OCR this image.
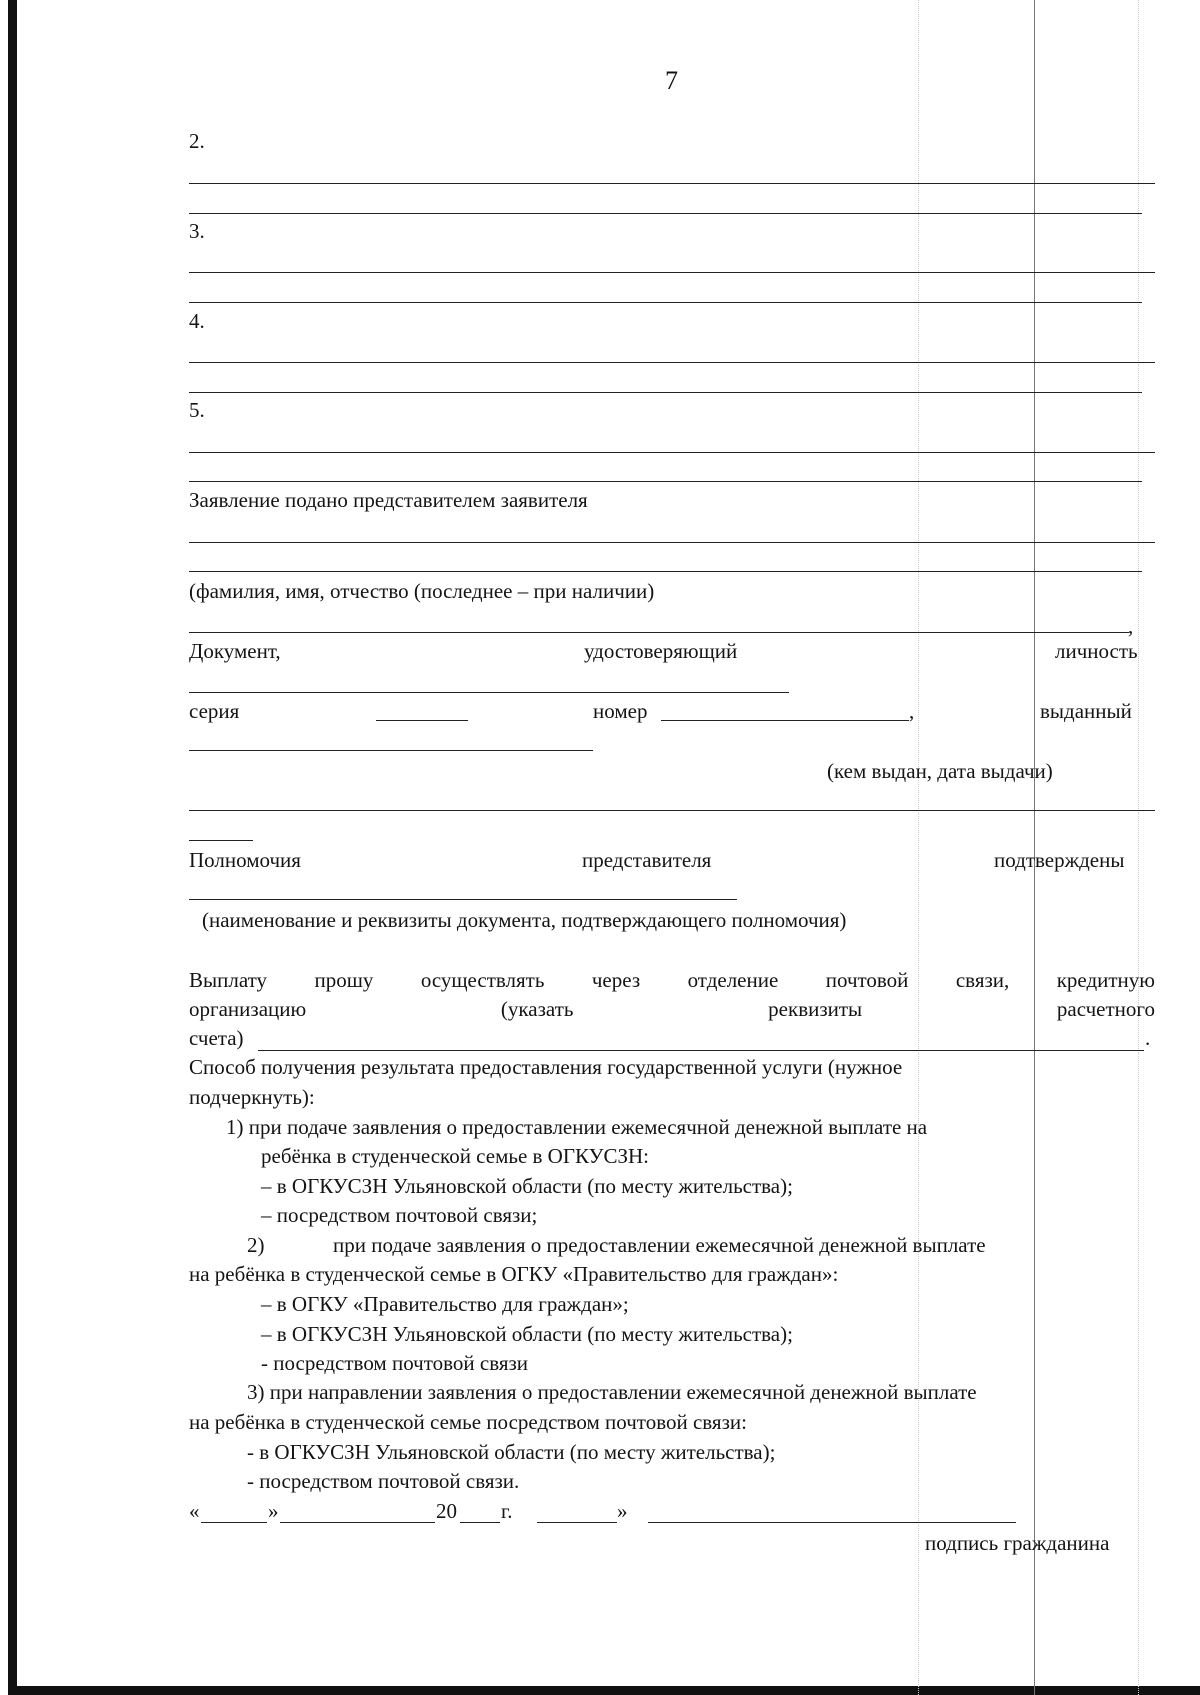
7
2.
3.
4.
5.
Заявление подано представителем заявителя
(фамилия, имя, отчество (последнее – при наличии)
,
Документ,	удостоверяющий	личность
серия	номер	,	выданный
(кем выдан, дата выдачи)
Полномочия	представителя	подтверждены
(наименование и реквизиты документа, подтверждающего полномочия)
Выплату прошу осуществлять через отделение почтовой связи, кредитную
организацию	(указать	реквизиты	расчетного
счета)	.
Способ получения результата предоставления государственной услуги (нужное
подчеркнуть):
1) при подаче заявления о предоставлении ежемесячной денежной выплате на
ребёнка в студенческой семье в ОГКУСЗН:
– в ОГКУСЗН Ульяновской области (по месту жительства);
– посредством почтовой связи;
2)	при подаче заявления о предоставлении ежемесячной денежной выплате
на ребёнка в студенческой семье в ОГКУ «Правительство для граждан»:
– в ОГКУ «Правительство для граждан»;
– в ОГКУСЗН Ульяновской области (по месту жительства);
- посредством почтовой связи
3) при направлении заявления о предоставлении ежемесячной денежной выплате
на ребёнка в студенческой семье посредством почтовой связи:
- в ОГКУСЗН Ульяновской области (по месту жительства);
- посредством почтовой связи.
«	»	20 г.	»
подпись гражданина
